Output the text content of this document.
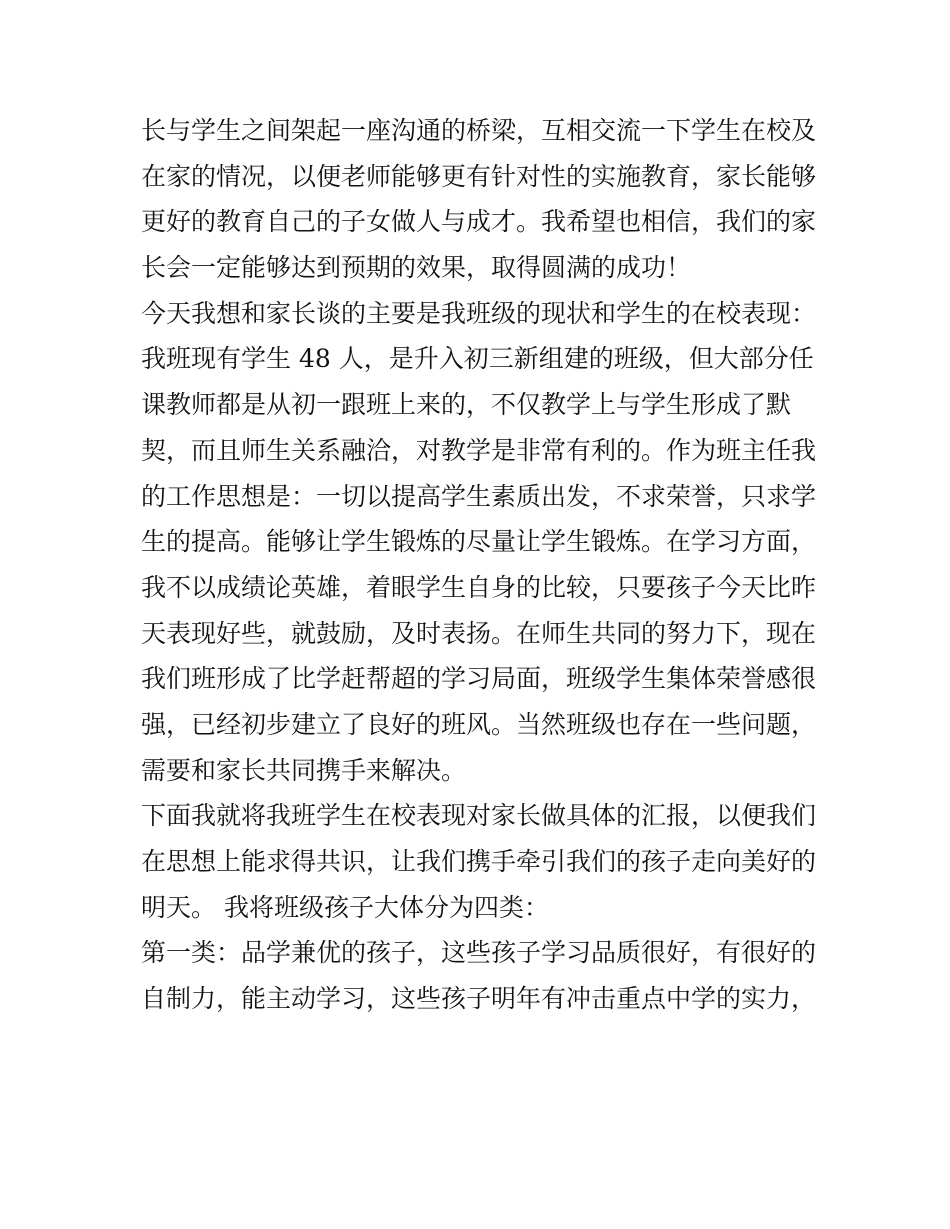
长与学生之间架起一座沟通的桥梁，互相交流一下学生在校及
在家的情况，以便老师能够更有针对性的实施教育，家长能够
更好的教育自己的子女做人与成才。我希望也相信，我们的家
长会一定能够达到预期的效果，取得圆满的成功！
今天我想和家长谈的主要是我班级的现状和学生的在校表现：
我班现有学生 48 人，是升入初三新组建的班级，但大部分任
课教师都是从初一跟班上来的，不仅教学上与学生形成了默
契，而且师生关系融洽，对教学是非常有利的。作为班主任我
的工作思想是：一切以提高学生素质出发，不求荣誉，只求学
生的提高。能够让学生锻炼的尽量让学生锻炼。在学习方面，
我不以成绩论英雄，着眼学生自身的比较，只要孩子今天比昨
天表现好些，就鼓励，及时表扬。在师生共同的努力下，现在
我们班形成了比学赶帮超的学习局面，班级学生集体荣誉感很
强，已经初步建立了良好的班风。当然班级也存在一些问题，
需要和家长共同携手来解决。
下面我就将我班学生在校表现对家长做具体的汇报，以便我们
在思想上能求得共识，让我们携手牵引我们的孩子走向美好的
明天。 我将班级孩子大体分为四类：
第一类：品学兼优的孩子，这些孩子学习品质很好，有很好的
自制力，能主动学习，这些孩子明年有冲击重点中学的实力，
